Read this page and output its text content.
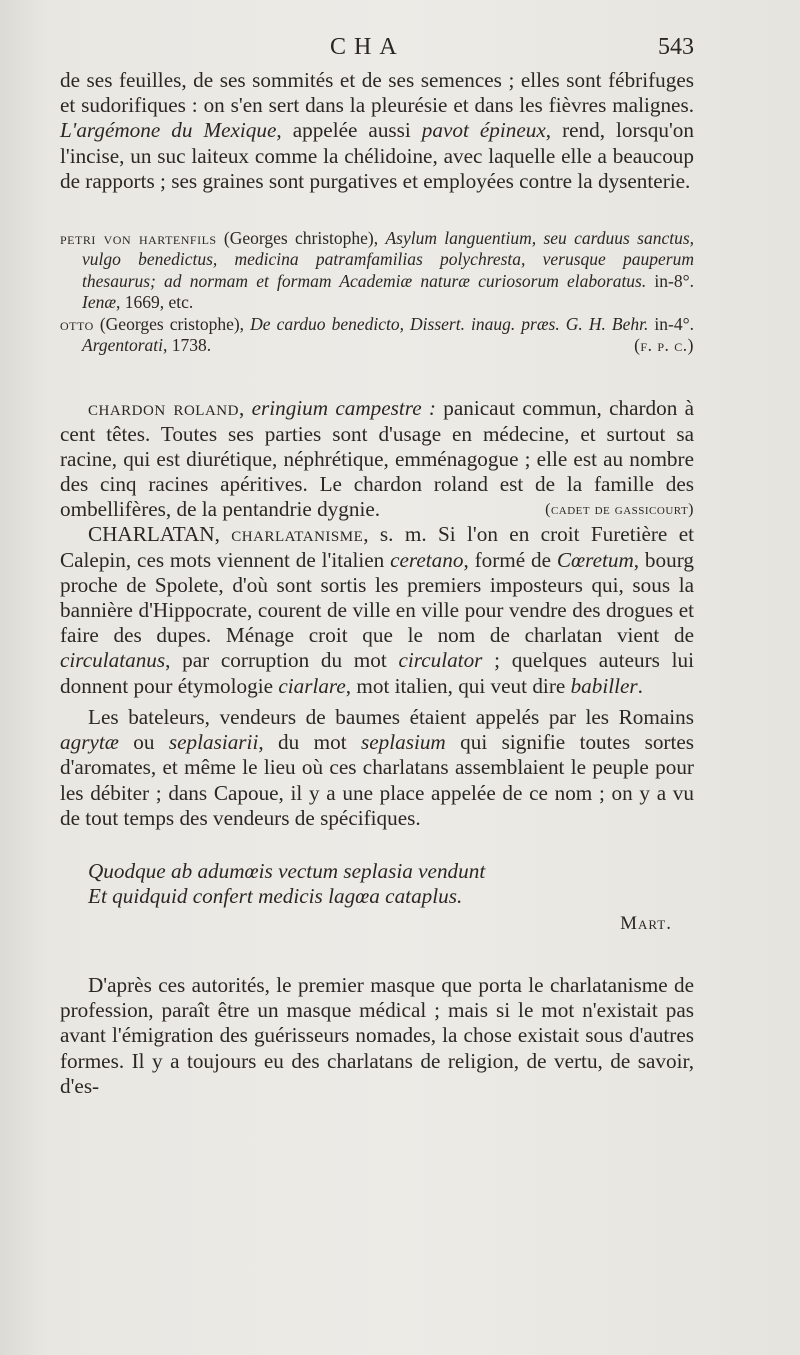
CHA	543

de ses feuilles, de ses sommités et de ses semences ; elles sont fébrifuges et sudorifiques : on s'en sert dans la pleurésie et dans les fièvres malignes. L'argémone du Mexique, appelée aussi pavot épineux, rend, lorsqu'on l'incise, un suc laiteux comme la chélidoine, avec laquelle elle a beaucoup de rapports ; ses graines sont purgatives et employées contre la dysenterie.

petri von hartenfils (Georges christophe), Asylum languentium, seu carduus sanctus, vulgo benedictus, medicina patramfamilias polychresta, verusque pauperum thesaurus; ad normam et formam Academiæ naturæ curiosorum elaboratus. in-8°. Ienæ, 1669, etc.

otto (Georges cristophe), De carduo benedicto, Dissert. inaug. præs. G. H. Behr. in-4°. Argentorati, 1738.	(f. p. c.)

chardon roland, eringium campestre : panicaut commun, chardon à cent têtes. Toutes ses parties sont d'usage en médecine, et surtout sa racine, qui est diurétique, néphrétique, emménagogue ; elle est au nombre des cinq racines apéritives. Le chardon roland est de la famille des ombellifères, de la pentandrie dygnie.	(cadet de gassicourt)

CHARLATAN, charlatanisme, s. m. Si l'on en croit Furetière et Calepin, ces mots viennent de l'italien ceretano, formé de Cœretum, bourg proche de Spolete, d'où sont sortis les premiers imposteurs qui, sous la bannière d'Hippocrate, courent de ville en ville pour vendre des drogues et faire des dupes. Ménage croit que le nom de charlatan vient de circulatanus, par corruption du mot circulator ; quelques auteurs lui donnent pour étymologie ciarlare, mot italien, qui veut dire babiller.

Les bateleurs, vendeurs de baumes étaient appelés par les Romains agrytæ ou seplasiarii, du mot seplasium qui signifie toutes sortes d'aromates, et même le lieu où ces charlatans assemblaient le peuple pour les débiter ; dans Capoue, il y a une place appelée de ce nom ; on y a vu de tout temps des vendeurs de spécifiques.

Quodque ab adumœis vectum seplasia vendunt

Et quidquid confert medicis lagœa cataplus.

Mart.

D'après ces autorités, le premier masque que porta le charlatanisme de profession, paraît être un masque médical ; mais si le mot n'existait pas avant l'émigration des guérisseurs nomades, la chose existait sous d'autres formes. Il y a toujours eu des charlatans de religion, de vertu, de savoir, d'es-
